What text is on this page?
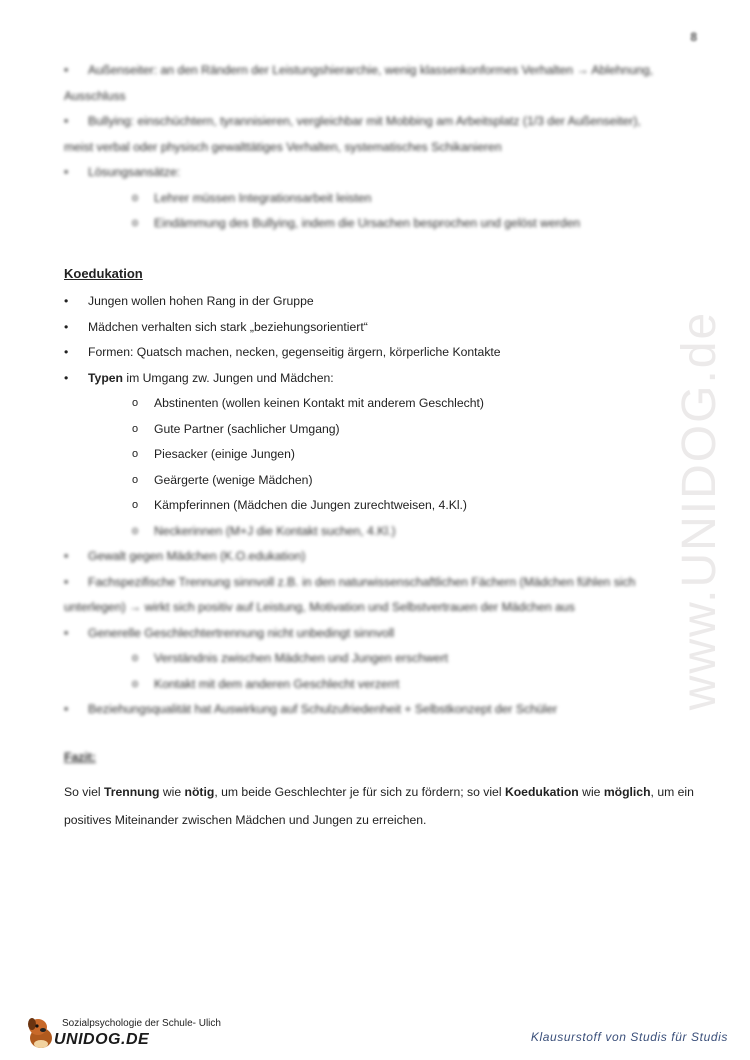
8
www.UNIDOG.de
• Außenseiter: an den Rändern der Leistungshierarchie, wenig klassenkonformes Verhalten → Ablehnung,
Ausschluss
• Bullying: einschüchtern, tyrannisieren, vergleichbar mit Mobbing am Arbeitsplatz (1/3 der Außenseiter),
meist verbal oder physisch gewalttätiges Verhalten, systematisches Schikanieren
• Lösungsansätze:
o Lehrer müssen Integrationsarbeit leisten
o Eindämmung des Bullying, indem die Ursachen besprochen und gelöst werden
Koedukation
• Jungen wollen hohen Rang in der Gruppe
• Mädchen verhalten sich stark „beziehungsorientiert“
• Formen: Quatsch machen, necken, gegenseitig ärgern, körperliche Kontakte
• Typen im Umgang zw. Jungen und Mädchen:
o Abstinenten (wollen keinen Kontakt mit anderem Geschlecht)
o Gute Partner (sachlicher Umgang)
o Piesacker (einige Jungen)
o Geärgerte (wenige Mädchen)
o Kämpferinnen (Mädchen die Jungen zurechtweisen, 4.Kl.)
o Neckerinnen (M+J die Kontakt suchen, 4.Kl.)
• Gewalt gegen Mädchen (K.O.edukation)
• Fachspezifische Trennung sinnvoll z.B. in den naturwissenschaftlichen Fächern (Mädchen fühlen sich
unterlegen) → wirkt sich positiv auf Leistung, Motivation und Selbstvertrauen der Mädchen aus
• Generelle Geschlechtertrennung nicht unbedingt sinnvoll
o Verständnis zwischen Mädchen und Jungen erschwert
o Kontakt mit dem anderen Geschlecht verzerrt
• Beziehungsqualität hat Auswirkung auf Schulzufriedenheit + Selbstkonzept der Schüler
Fazit:

So viel Trennung wie nötig, um beide Geschlechter je für sich zu fördern; so viel Koedukation wie möglich, um ein positives Miteinander zwischen Mädchen und Jungen zu erreichen.

UNIDOG.DE
Sozialpsychologie der Schule- Ulich
Klausurstoff von Studis für Studis
